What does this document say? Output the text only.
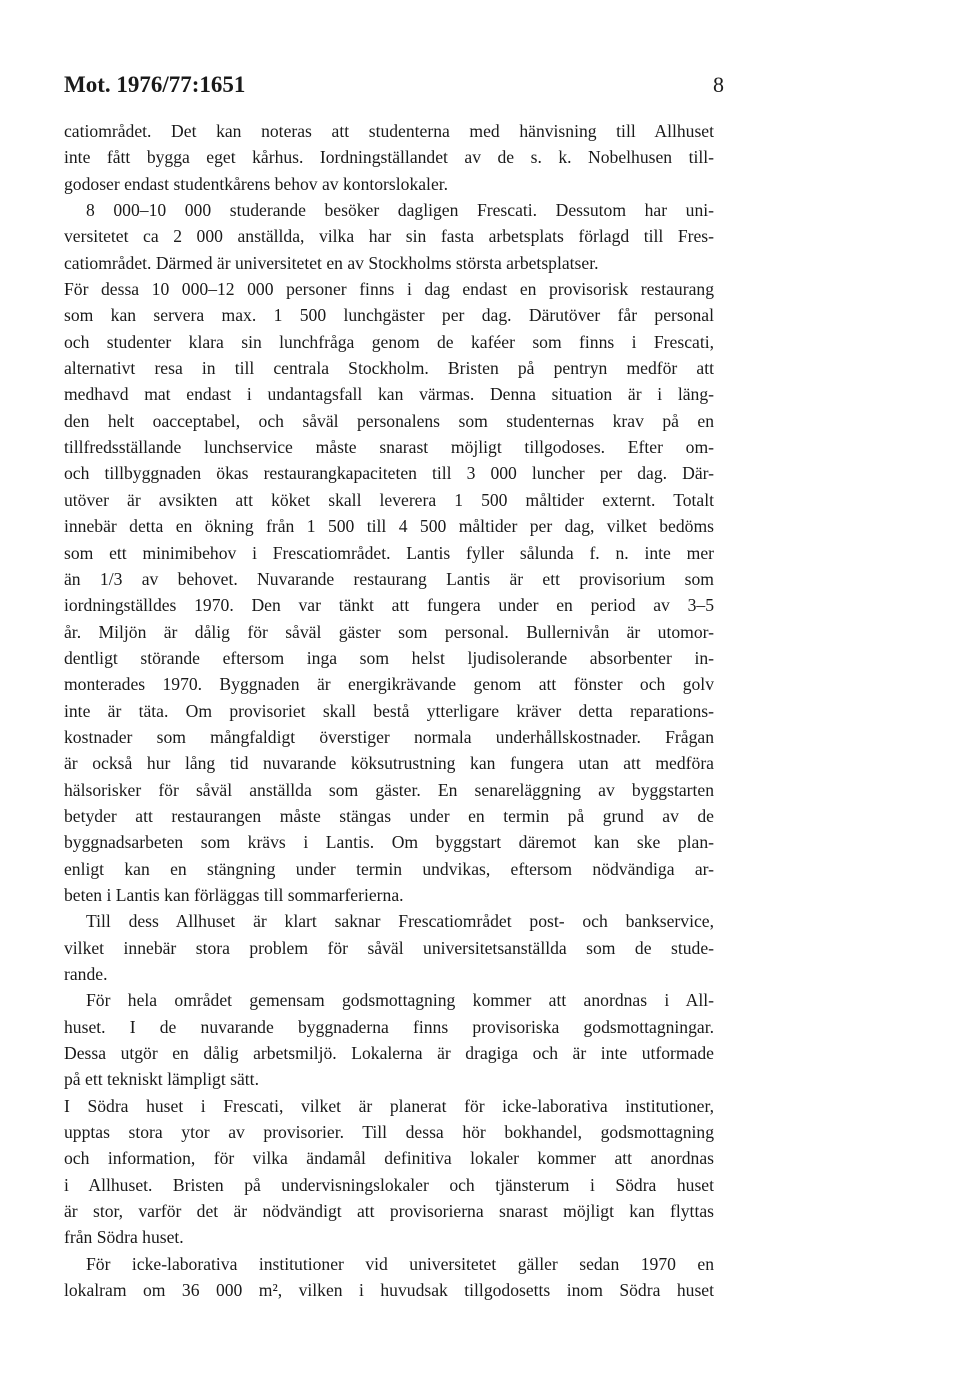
Mot. 1976/77:1651	8
catiområdet. Det kan noteras att studenterna med hänvisning till Allhuset
inte fått bygga eget kårhus. Iordningställandet av de s. k. Nobelhusen till-
godoser endast studentkårens behov av kontorslokaler.
8 000–10 000 studerande besöker dagligen Frescati. Dessutom har uni-
versitetet ca 2 000 anställda, vilka har sin fasta arbetsplats förlagd till Fres-
catiområdet. Därmed är universitetet en av Stockholms största arbetsplatser.
För dessa 10 000–12 000 personer finns i dag endast en provisorisk restaurang
som kan servera max. 1 500 lunchgäster per dag. Därutöver får personal
och studenter klara sin lunchfråga genom de kaféer som finns i Frescati,
alternativt resa in till centrala Stockholm. Bristen på pentryn medför att
medhavd mat endast i undantagsfall kan värmas. Denna situation är i läng-
den helt oacceptabel, och såväl personalens som studenternas krav på en
tillfredsställande lunchservice måste snarast möjligt tillgodoses. Efter om-
och tillbyggnaden ökas restaurangkapaciteten till 3 000 luncher per dag. Där-
utöver är avsikten att köket skall leverera 1 500 måltider externt. Totalt
innebär detta en ökning från 1 500 till 4 500 måltider per dag, vilket bedöms
som ett minimibehov i Frescatiområdet. Lantis fyller sålunda f. n. inte mer
än 1/3 av behovet. Nuvarande restaurang Lantis är ett provisorium som
iordningställdes 1970. Den var tänkt att fungera under en period av 3–5
år. Miljön är dålig för såväl gäster som personal. Bullernivån är utomor-
dentligt störande eftersom inga som helst ljudisolerande absorbenter in-
monterades 1970. Byggnaden är energikrävande genom att fönster och golv
inte är täta. Om provisoriet skall bestå ytterligare kräver detta reparations-
kostnader som mångfaldigt överstiger normala underhållskostnader. Frågan
är också hur lång tid nuvarande köksutrustning kan fungera utan att medföra
hälsorisker för såväl anställda som gäster. En senareläggning av byggstarten
betyder att restaurangen måste stängas under en termin på grund av de
byggnadsarbeten som krävs i Lantis. Om byggstart däremot kan ske plan-
enligt kan en stängning under termin undvikas, eftersom nödvändiga ar-
beten i Lantis kan förläggas till sommarferierna.
Till dess Allhuset är klart saknar Frescatiområdet post- och bankservice,
vilket innebär stora problem för såväl universitetsanställda som de stude-
rande.
För hela området gemensam godsmottagning kommer att anordnas i All-
huset. I de nuvarande byggnaderna finns provisoriska godsmottagningar.
Dessa utgör en dålig arbetsmiljö. Lokalerna är dragiga och är inte utformade
på ett tekniskt lämpligt sätt.
I Södra huset i Frescati, vilket är planerat för icke-laborativa institutioner,
upptas stora ytor av provisorier. Till dessa hör bokhandel, godsmottagning
och information, för vilka ändamål definitiva lokaler kommer att anordnas
i Allhuset. Bristen på undervisningslokaler och tjänsterum i Södra huset
är stor, varför det är nödvändigt att provisorierna snarast möjligt kan flyttas
från Södra huset.
För icke-laborativa institutioner vid universitetet gäller sedan 1970 en
lokalram om 36 000 m², vilken i huvudsak tillgodosetts inom Södra huset
